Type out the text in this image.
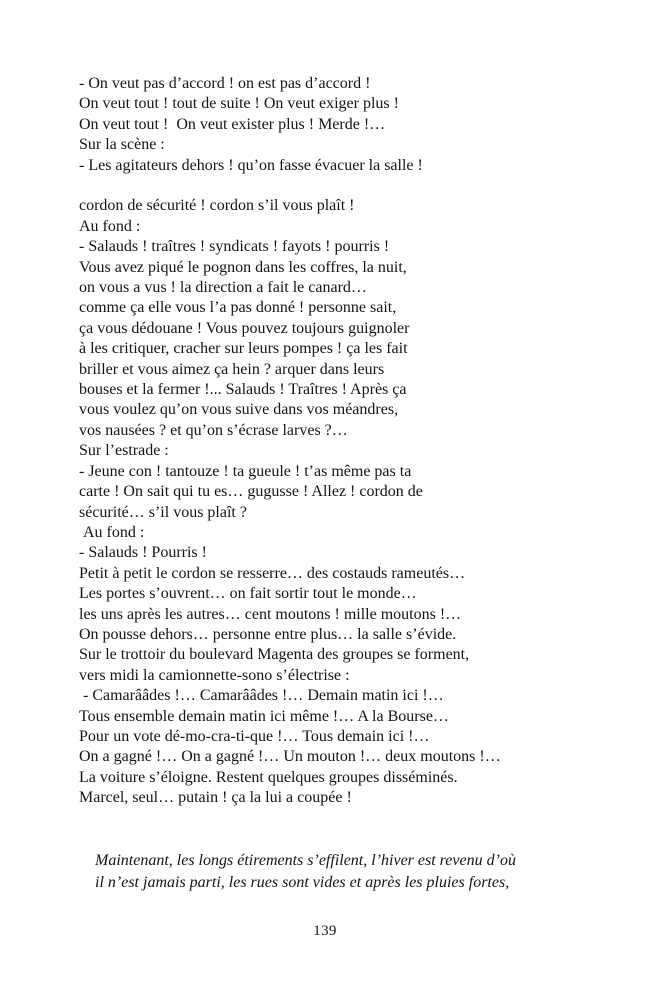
- On veut pas d’accord ! on est pas d’accord !
On veut tout ! tout de suite ! On veut exiger plus !
On veut tout !  On veut exister plus ! Merde !…
Sur la scène :
- Les agitateurs dehors ! qu’on fasse évacuer la salle !
cordon de sécurité ! cordon s’il vous plaît !
Au fond :
- Salauds ! traîtres ! syndicats ! fayots ! pourris !
Vous avez piqué le pognon dans les coffres, la nuit,
on vous a vus ! la direction a fait le canard…
comme ça elle vous l’a pas donné ! personne sait,
ça vous dédouane ! Vous pouvez toujours guignoler
à les critiquer, cracher sur leurs pompes ! ça les fait
briller et vous aimez ça hein ? arquer dans leurs
bouses et la fermer !... Salauds ! Traîtres ! Après ça
vous voulez qu’on vous suive dans vos méandres,
vos nausées ? et qu’on s’écrase larves ?…
Sur l’estrade :
- Jeune con ! tantouze ! ta gueule ! t’as même pas ta
carte ! On sait qui tu es… gugusse ! Allez ! cordon de
sécurité… s’il vous plaît ?
Au fond :
- Salauds ! Pourris !
Petit à petit le cordon se resserre… des costauds rameutés…
Les portes s’ouvrent… on fait sortir tout le monde…
les uns après les autres… cent moutons ! mille moutons !…
On pousse dehors… personne entre plus… la salle s’évide.
Sur le trottoir du boulevard Magenta des groupes se forment,
vers midi la camionnette-sono s’électrise :
- Camarââdes !… Camarââdes !… Demain matin ici !…
Tous ensemble demain matin ici même !… A la Bourse…
Pour un vote dé-mo-cra-ti-que !… Tous demain ici !…
On a gagné !… On a gagné !… Un mouton !… deux moutons !…
La voiture s’éloigne. Restent quelques groupes disséminés.
Marcel, seul… putain ! ça la lui a coupée !
Maintenant, les longs étirements s’effilent, l’hiver est revenu d’où
il n’est jamais parti, les rues sont vides et après les pluies fortes,
139
